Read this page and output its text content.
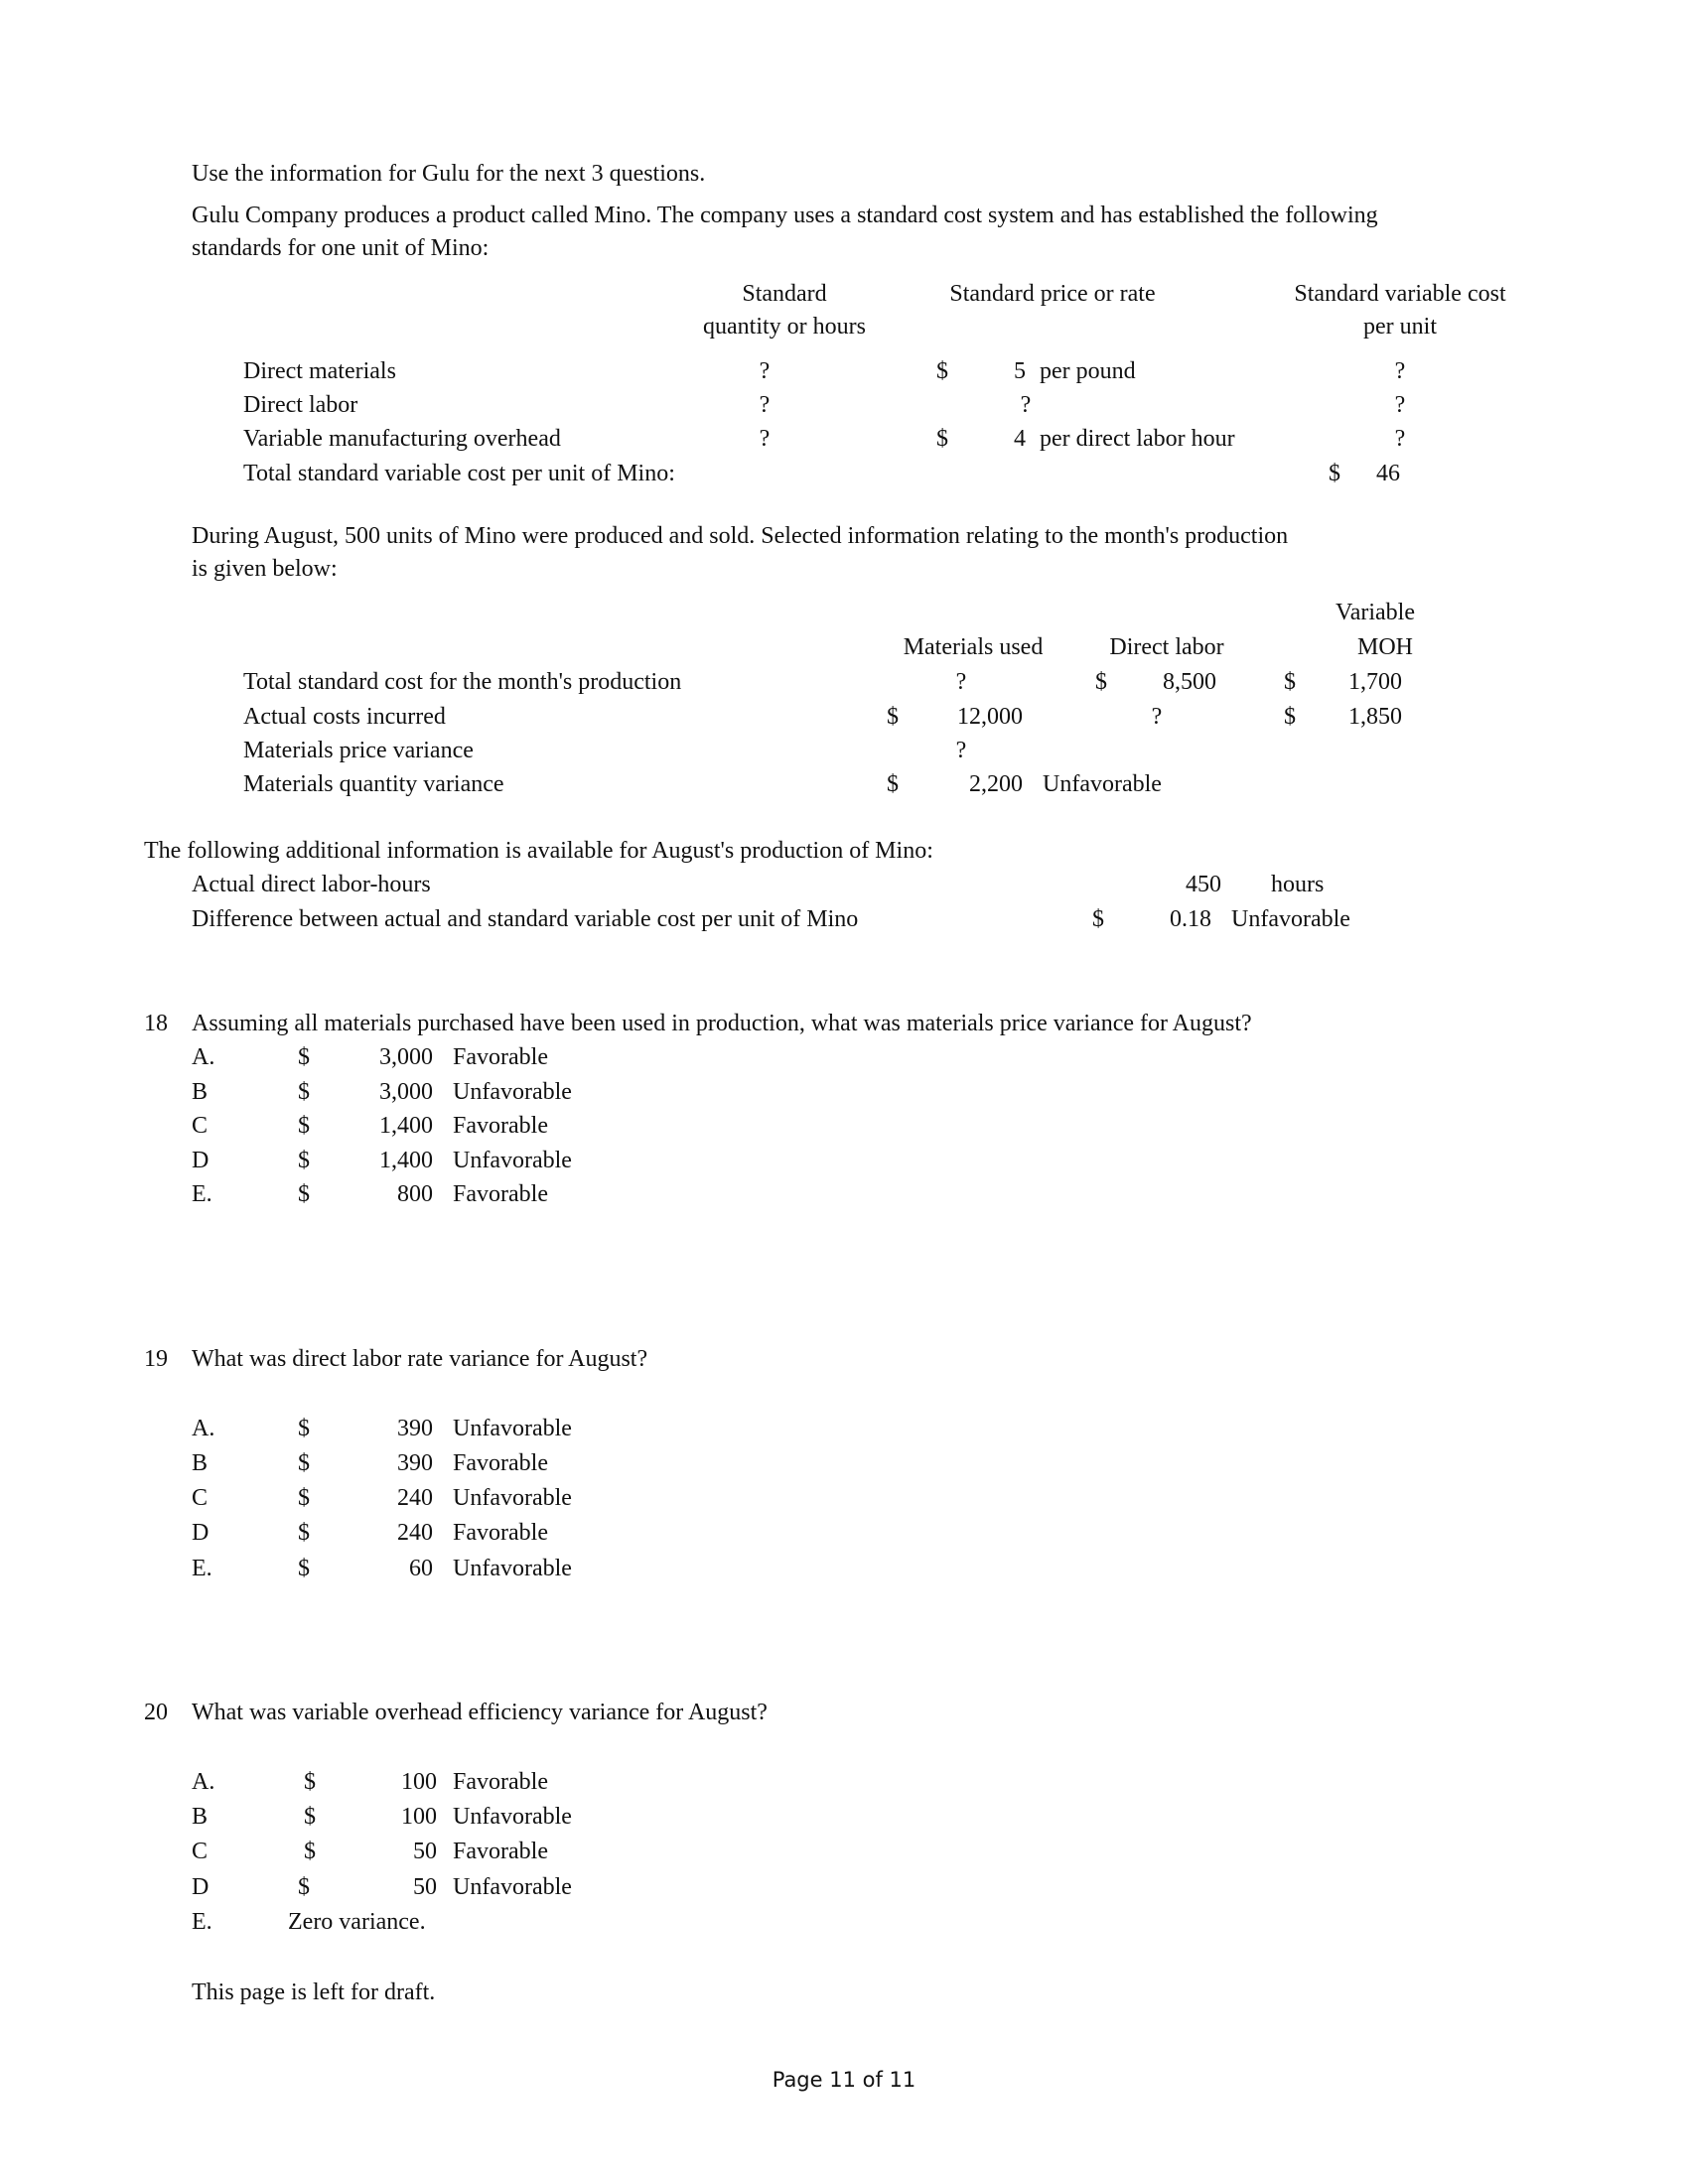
Use the information for Gulu for the next 3 questions.
Gulu Company produces a product called Mino. The company uses a standard cost system and has established the following
standards for one unit of Mino:
Standard
quantity or hours
Standard price or rate	Standard variable cost
per unit
Direct materials	?	$	5 per pound	?
Direct labor	?	?	?
Variable manufacturing overhead	?	$	4 per direct labor hour	?
Total standard variable cost per unit of Mino:	$	46
During August, 500 units of Mino were produced and sold. Selected information relating to the month's production
is given below:
Materials used	Direct labor
Variable
MOH
Total standard cost for the month's production	?	$	8,500	$	1,700
Actual costs incurred	$	12,000	?	$	1,850
Materials price variance	?
Materials quantity variance	$	2,200 Unfavorable
The following additional information is available for August's production of Mino:
Actual direct labor-hours	450 hours
Difference between actual and standard variable cost per unit of Mino	$	0.18 Unfavorable
18 Assuming all materials purchased have been used in production, what was materials price variance for August?
A.	$	3,000 Favorable
B	$	3,000 Unfavorable
C	$	1,400 Favorable
D	$	1,400 Unfavorable
E.	$	800 Favorable
19 What was direct labor rate variance for August?
A.	$	390 Unfavorable
B	$	390 Favorable
C	$	240 Unfavorable
D	$	240 Favorable
E.	$	60 Unfavorable
20 What was variable overhead efficiency variance for August?
A.	$	100 Favorable
B	$	100 Unfavorable
C	$	50 Favorable
D	$	50 Unfavorable
E.	Zero variance.
This page is left for draft.
Page 11 of 11
